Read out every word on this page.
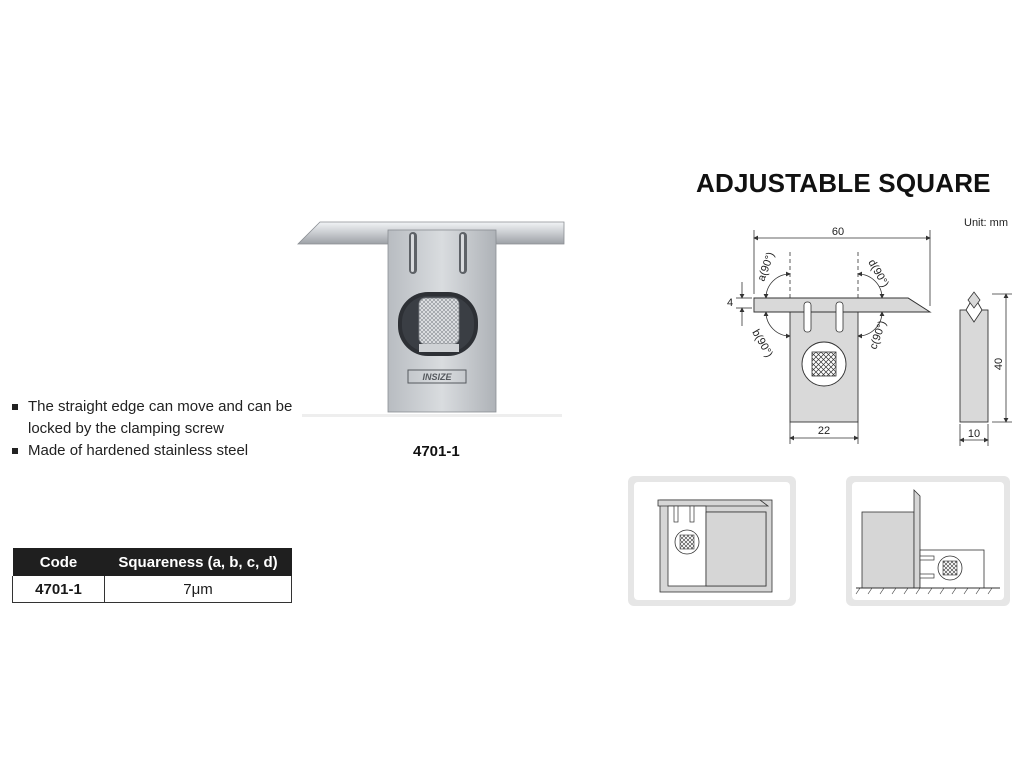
ADJUSTABLE SQUARE
Unit: mm
INSIZE
4701-1
The straight edge can move and can be locked by the clamping screw
Made of hardened stainless steel
Code	Squareness (a, b, c, d)
4701-1	7μm
60
4
22	10
40
a(90°)	d(90°)
b(90°)	c(90°)
